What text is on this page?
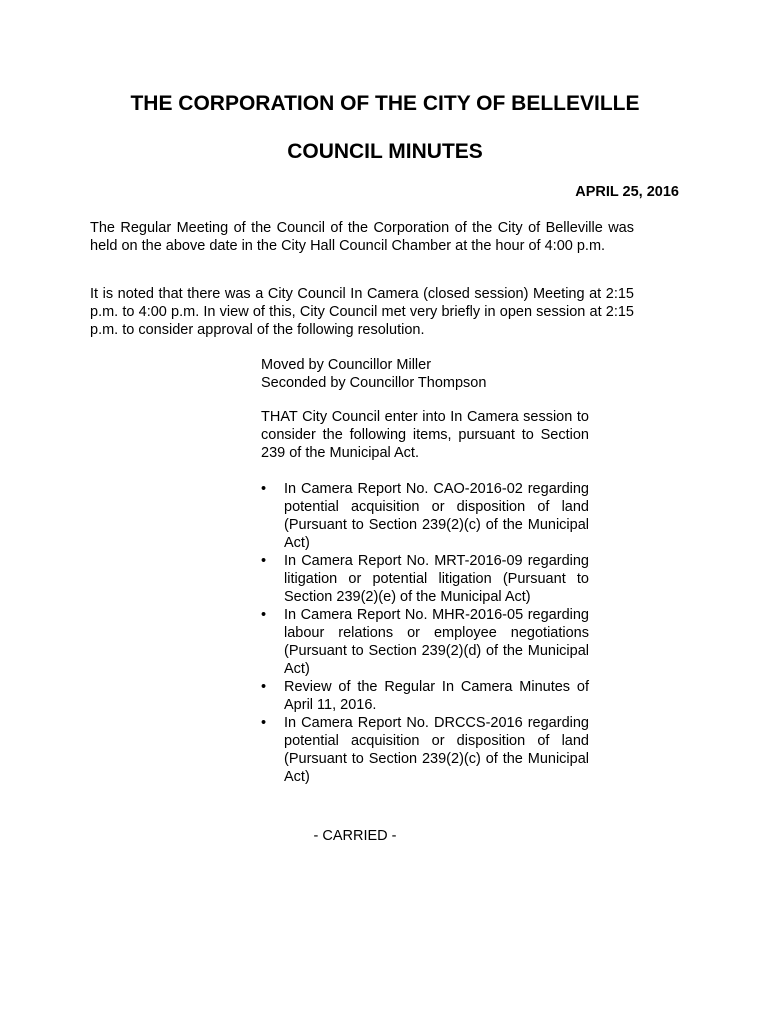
THE CORPORATION OF THE CITY OF BELLEVILLE
COUNCIL MINUTES

APRIL 25, 2016

The Regular Meeting of the Council of the Corporation of the City of Belleville was held on the above date in the City Hall Council Chamber at the hour of 4:00 p.m.

It is noted that there was a City Council In Camera (closed session) Meeting at 2:15 p.m. to 4:00 p.m. In view of this, City Council met very briefly in open session at 2:15 p.m. to consider approval of the following resolution.

Moved by Councillor Miller
Seconded by Councillor Thompson

THAT City Council enter into In Camera session to consider the following items, pursuant to Section 239 of the Municipal Act.

•	In Camera Report No. CAO-2016-02 regarding potential acquisition or disposition of land (Pursuant to Section 239(2)(c) of the Municipal Act)
•	In Camera Report No. MRT-2016-09 regarding litigation or potential litigation (Pursuant to Section 239(2)(e) of the Municipal Act)
•	In Camera Report No. MHR-2016-05 regarding labour relations or employee negotiations (Pursuant to Section 239(2)(d) of the Municipal Act)
•	Review of the Regular In Camera Minutes of April 11, 2016.
•	In Camera Report No. DRCCS-2016 regarding potential acquisition or disposition of land (Pursuant to Section 239(2)(c) of the Municipal Act)

- CARRIED -
